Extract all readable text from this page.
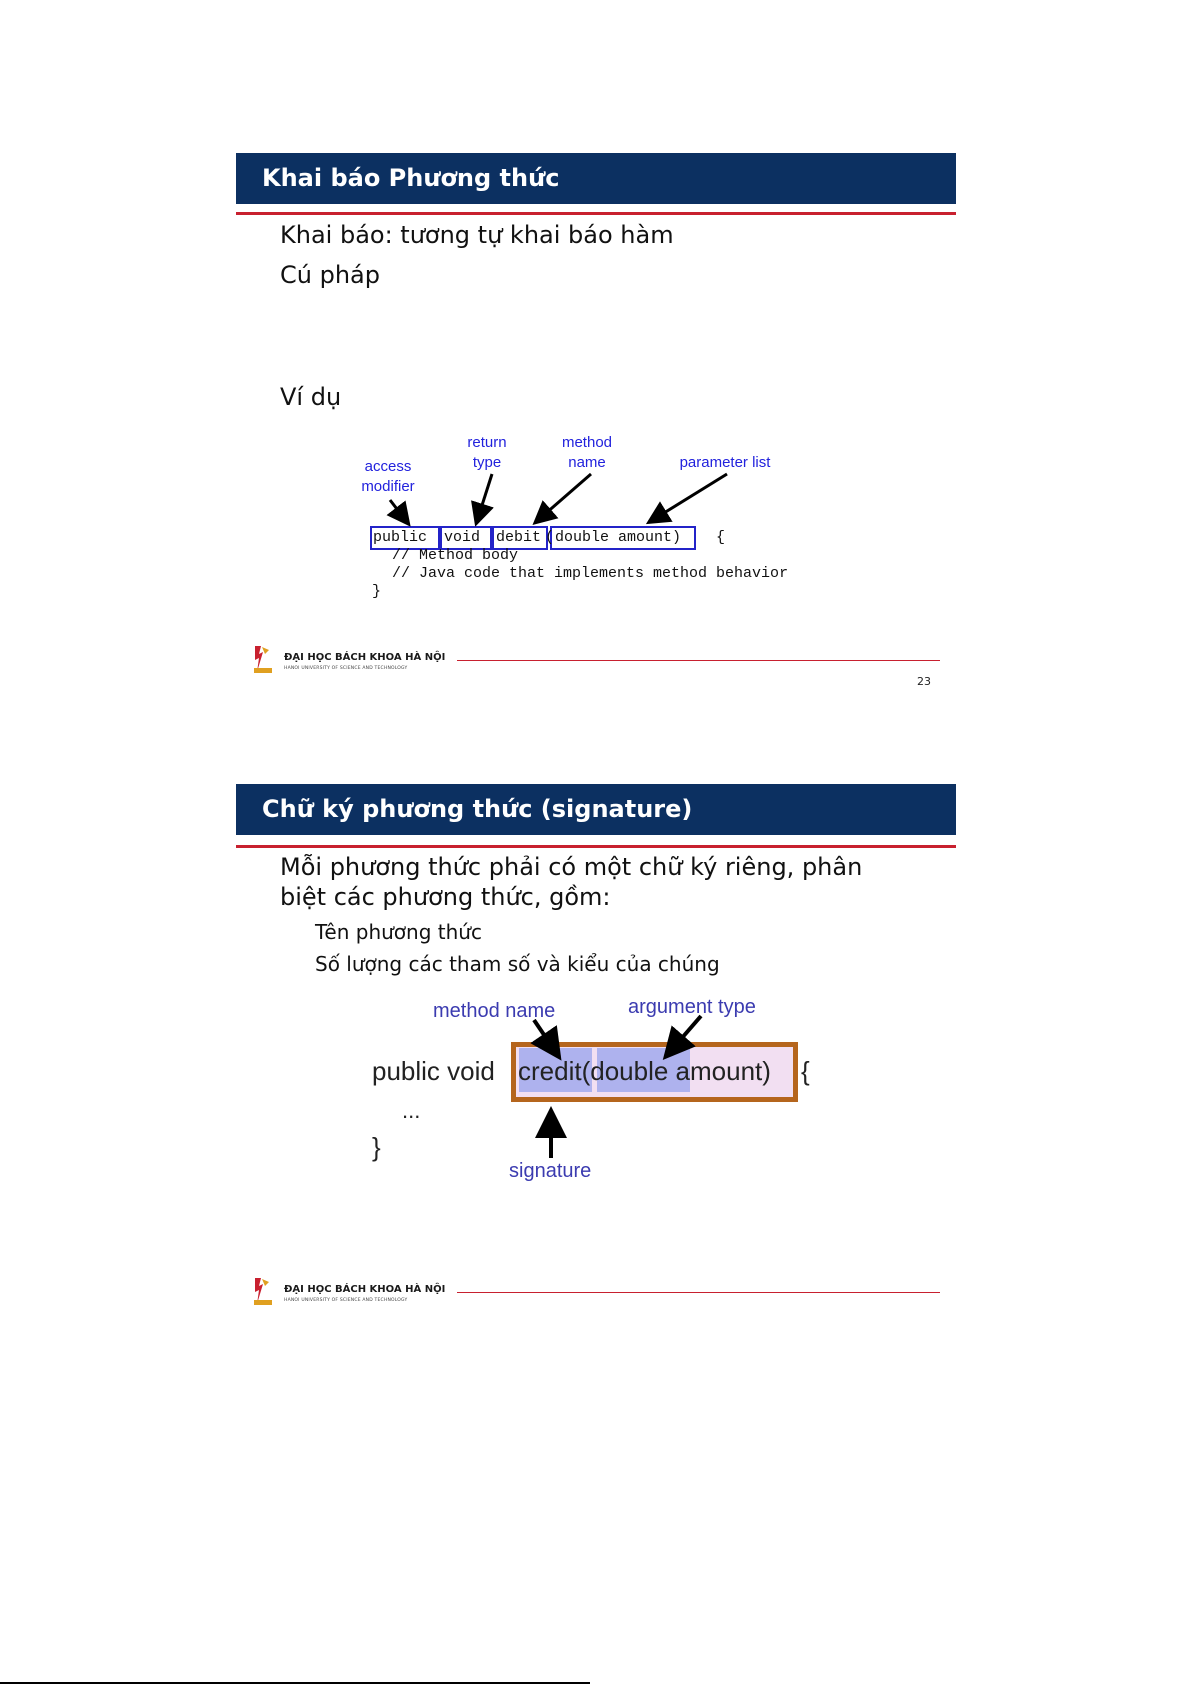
Khai báo Phương thức
Khai báo: tương tự khai báo hàm
Cú pháp
Ví dụ
return
type
method
name
access
modifier
parameter list
public void debit ( double amount) {
// Method body
// Java code that implements method behavior
}
ĐẠI HỌC BÁCH KHOA HÀ NỘI
HANOI UNIVERSITY OF SCIENCE AND TECHNOLOGY
23
Chữ ký phương thức (signature)
Mỗi phương thức phải có một chữ ký riêng, phân
biệt các phương thức, gồm:
Tên phương thức
Số lượng các tham số và kiểu của chúng
method name	argument type
public void credit(double amount) {
...
}
signature
ĐẠI HỌC BÁCH KHOA HÀ NỘI
HANOI UNIVERSITY OF SCIENCE AND TECHNOLOGY
